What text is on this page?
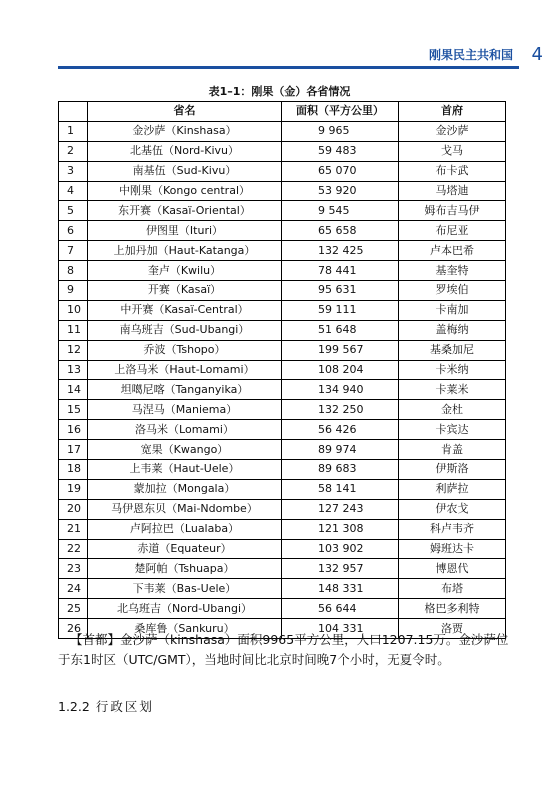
刚果民主共和国 4
表1–1：刚果（金）各省情况
	省名	面积（平方公里）	首府
1	金沙萨（Kinshasa）	9 965	金沙萨
2	北基伍（Nord-Kivu）	59 483	戈马
3	南基伍（Sud-Kivu）	65 070	布卡武
4	中刚果（Kongo central）	53 920	马塔迪
5	东开赛（Kasaï-Oriental）	9 545	姆布吉马伊
6	伊图里（Ituri）	65 658	布尼亚
7	上加丹加（Haut-Katanga）	132 425	卢本巴希
8	奎卢（Kwilu）	78 441	基奎特
9	开赛（Kasaï）	95 631	罗埃伯
10	中开赛（Kasaï-Central）	59 111	卡南加
11	南乌班吉（Sud-Ubangi）	51 648	盖梅纳
12	乔波（Tshopo）	199 567	基桑加尼
13	上洛马米（Haut-Lomami）	108 204	卡米纳
14	坦噶尼喀（Tanganyika）	134 940	卡莱米
15	马涅马（Maniema）	132 250	金杜
16	洛马米（Lomami）	56 426	卡宾达
17	宽果（Kwango）	89 974	肯盖
18	上韦莱（Haut-Uele）	89 683	伊斯洛
19	蒙加拉（Mongala）	58 141	利萨拉
20	马伊恩东贝（Mai-Ndombe）	127 243	伊农戈
21	卢阿拉巴（Lualaba）	121 308	科卢韦齐
22	赤道（Equateur）	103 902	姆班达卡
23	楚阿帕（Tshuapa）	132 957	博恩代
24	下韦莱（Bas-Uele）	148 331	布塔
25	北乌班吉（Nord-Ubangi）	56 644	格巴多利特
26	桑库鲁（Sankuru）	104 331	洛贾
【首都】金沙萨（kinshasa）面积9965平方公里，人口1207.15万。金沙萨位于东1时区（UTC/GMT），当地时间比北京时间晚7个小时，无夏令时。
1.2.2 行政区划
